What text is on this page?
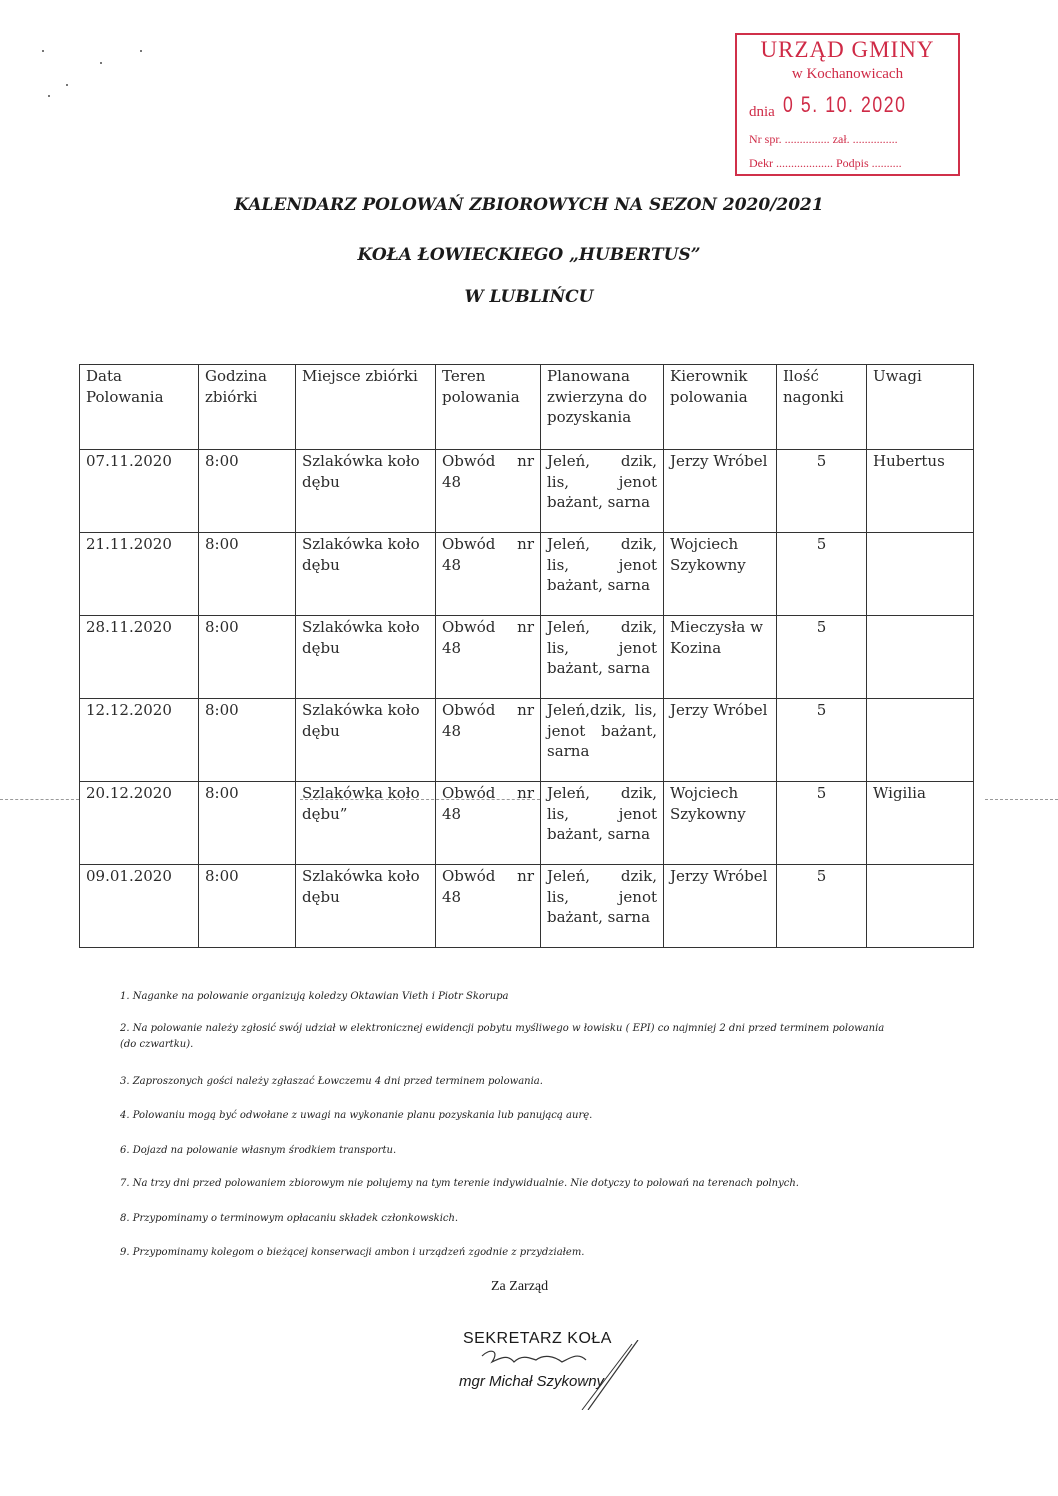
URZĄD GMINY
w Kochanowicach
dnia 0 5. 10. 2020
Nr spr. ............... zał. ...............
Dekr ................... Podpis ..........
KALENDARZ POLOWAŃ ZBIOROWYCH NA SEZON 2020/2021
KOŁA ŁOWIECKIEGO „HUBERTUS”
W LUBLIŃCU
Data Polowania	Godzina zbiórki	Miejsce zbiórki	Teren polowania	Planowana zwierzyna do pozyskania	Kierownik polowania	Ilość nagonki	Uwagi
07.11.2020	8:00	Szlakówka koło dębu	Obwód nr 48	Jeleń, dzik, lis, jenot bażant, sarna	Jerzy Wróbel	5	Hubertus
21.11.2020	8:00	Szlakówka koło dębu	Obwód nr 48	Jeleń, dzik, lis, jenot bażant, sarna	Wojciech Szykowny	5	
28.11.2020	8:00	Szlakówka koło dębu	Obwód nr 48	Jeleń, dzik, lis, jenot bażant, sarna	Mieczysła w Kozina	5	
12.12.2020	8:00	Szlakówka koło dębu	Obwód nr 48	Jeleń,dzik, lis, jenot bażant, sarna	Jerzy Wróbel	5	
20.12.2020	8:00	Szlakówka koło dębu”	Obwód nr 48	Jeleń, dzik, lis, jenot bażant, sarna	Wojciech Szykowny	5	Wigilia
09.01.2020	8:00	Szlakówka koło dębu	Obwód nr 48	Jeleń, dzik, lis, jenot bażant, sarna	Jerzy Wróbel	5	
1. Naganke na polowanie organizują koledzy Oktawian Vieth i Piotr Skorupa
2. Na polowanie należy zgłosić swój udział w elektronicznej ewidencji pobytu myśliwego w łowisku ( EPI) co najmniej 2 dni przed terminem polowania (do czwartku).
3. Zaproszonych gości należy zgłaszać Łowczemu 4 dni przed terminem polowania.
4. Polowaniu mogą być odwołane z uwagi na wykonanie planu pozyskania lub panującą aurę.
6. Dojazd na polowanie własnym środkiem transportu.
7. Na trzy dni przed polowaniem zbiorowym nie polujemy na tym terenie indywidualnie. Nie dotyczy to polowań na terenach polnych.
8. Przypominamy o terminowym opłacaniu składek członkowskich.
9. Przypominamy kolegom o bieżącej konserwacji ambon i urządzeń zgodnie z przydziałem.
Za Zarząd
SEKRETARZ KOŁA
mgr Michał Szykowny
